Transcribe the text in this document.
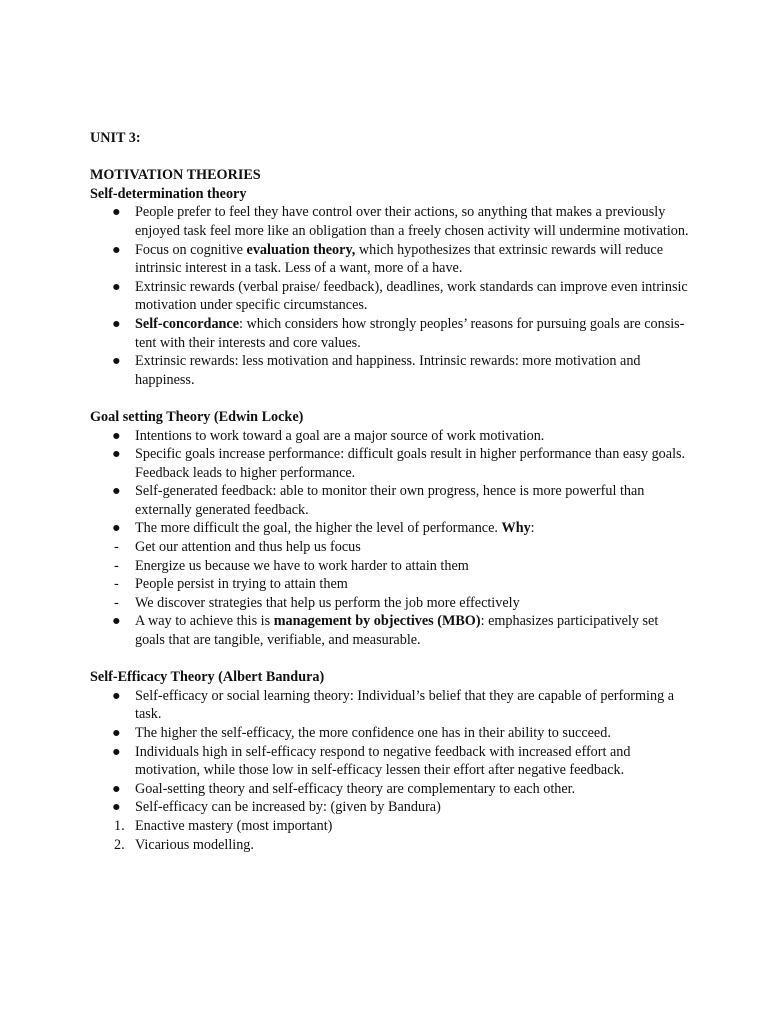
UNIT 3:
MOTIVATION THEORIES
Self-determination theory
●	People prefer to feel they have control over their actions, so anything that makes a previously enjoyed task feel more like an obligation than a freely chosen activity will undermine motivation.
●	Focus on cognitive evaluation theory, which hypothesizes that extrinsic rewards will reduce intrinsic interest in a task. Less of a want, more of a have.
●	Extrinsic rewards (verbal praise/ feedback), deadlines, work standards can improve even intrinsic motivation under specific circumstances.
●	Self-concordance: which considers how strongly peoples’ reasons for pursuing goals are consis- tent with their interests and core values.
●	Extrinsic rewards: less motivation and happiness. Intrinsic rewards: more motivation and happiness.
Goal setting Theory (Edwin Locke)
●	Intentions to work toward a goal are a major source of work motivation.
●	Specific goals increase performance: difficult goals result in higher performance than easy goals. Feedback leads to higher performance.
●	Self-generated feedback: able to monitor their own progress, hence is more powerful than externally generated feedback.
●	The more difficult the goal, the higher the level of performance. Why:
-	Get our attention and thus help us focus
-	Energize us because we have to work harder to attain them
-	People persist in trying to attain them
-	We discover strategies that help us perform the job more effectively
●	A way to achieve this is management by objectives (MBO): emphasizes participatively set goals that are tangible, verifiable, and measurable.
Self-Efficacy Theory (Albert Bandura)
●	Self-efficacy or social learning theory: Individual’s belief that they are capable of performing a task.
●	The higher the self-efficacy, the more confidence one has in their ability to succeed.
●	Individuals high in self-efficacy respond to negative feedback with increased effort and motivation, while those low in self-efficacy lessen their effort after negative feedback.
●	Goal-setting theory and self-efficacy theory are complementary to each other.
●	Self-efficacy can be increased by: (given by Bandura)
1. Enactive mastery (most important)
2. Vicarious modelling.
